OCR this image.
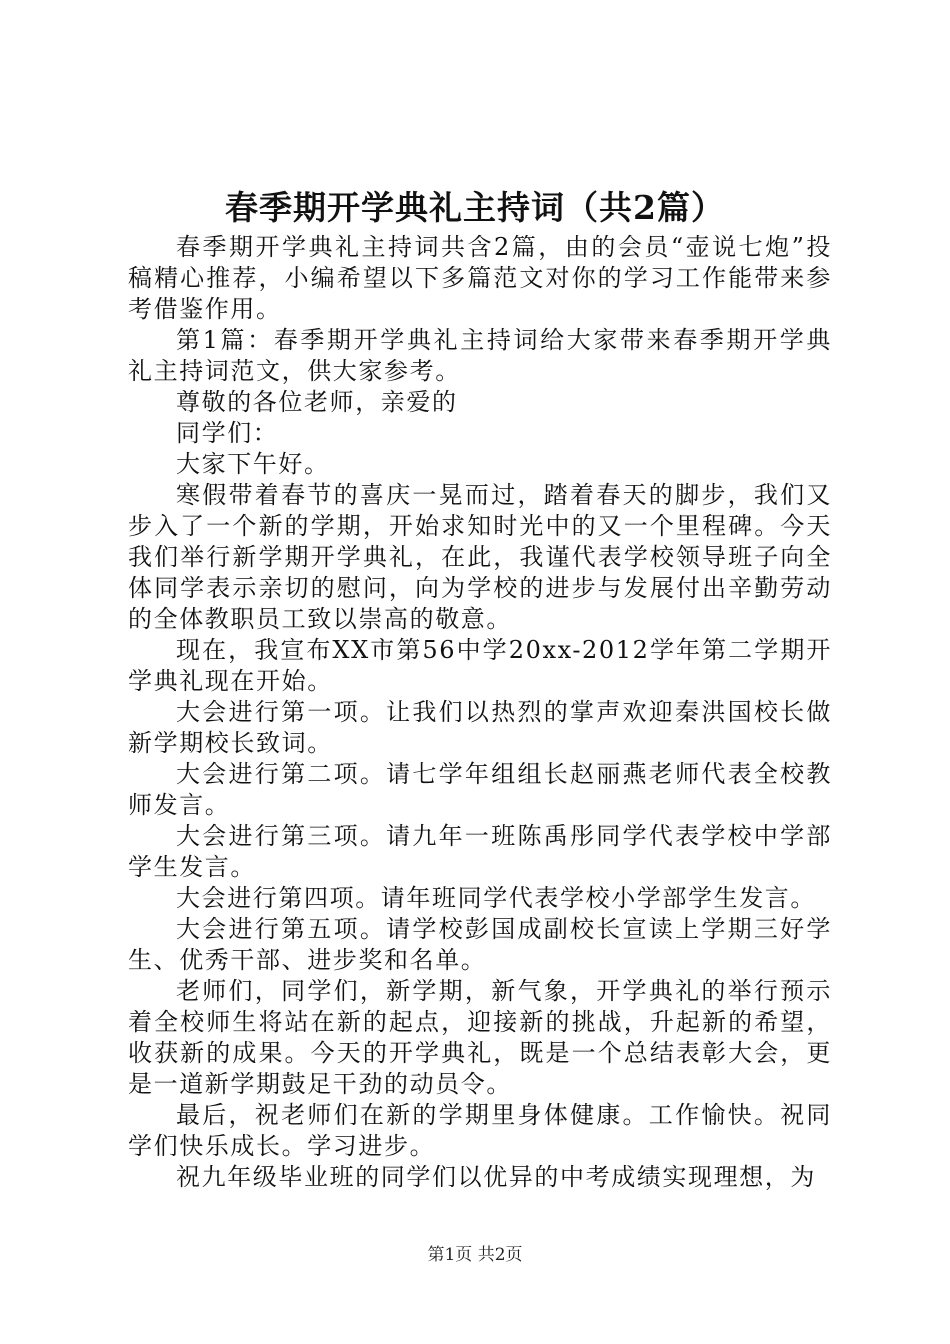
春季期开学典礼主持词（共2篇）

春季期开学典礼主持词共含2篇，由的会员“壶说七炮”投稿精心推荐，小编希望以下多篇范文对你的学习工作能带来参考借鉴作用。

第1篇：春季期开学典礼主持词给大家带来春季期开学典礼主持词范文，供大家参考。

尊敬的各位老师，亲爱的

同学们：

大家下午好。

寒假带着春节的喜庆一晃而过，踏着春天的脚步，我们又步入了一个新的学期，开始求知时光中的又一个里程碑。今天我们举行新学期开学典礼，在此，我谨代表学校领导班子向全体同学表示亲切的慰问，向为学校的进步与发展付出辛勤劳动的全体教职员工致以崇高的敬意。

现在，我宣布XX市第56中学20xx-2012学年第二学期开学典礼现在开始。

大会进行第一项。让我们以热烈的掌声欢迎秦洪国校长做新学期校长致词。

大会进行第二项。请七学年组组长赵丽燕老师代表全校教师发言。

大会进行第三项。请九年一班陈禹彤同学代表学校中学部学生发言。

大会进行第四项。请年班同学代表学校小学部学生发言。

大会进行第五项。请学校彭国成副校长宣读上学期三好学生、优秀干部、进步奖和名单。

老师们，同学们，新学期，新气象，开学典礼的举行预示着全校师生将站在新的起点，迎接新的挑战，升起新的希望，收获新的成果。今天的开学典礼，既是一个总结表彰大会，更是一道新学期鼓足干劲的动员令。

最后，祝老师们在新的学期里身体健康。工作愉快。祝同学们快乐成长。学习进步。

祝九年级毕业班的同学们以优异的中考成绩实现理想，为

第1页 共2页
